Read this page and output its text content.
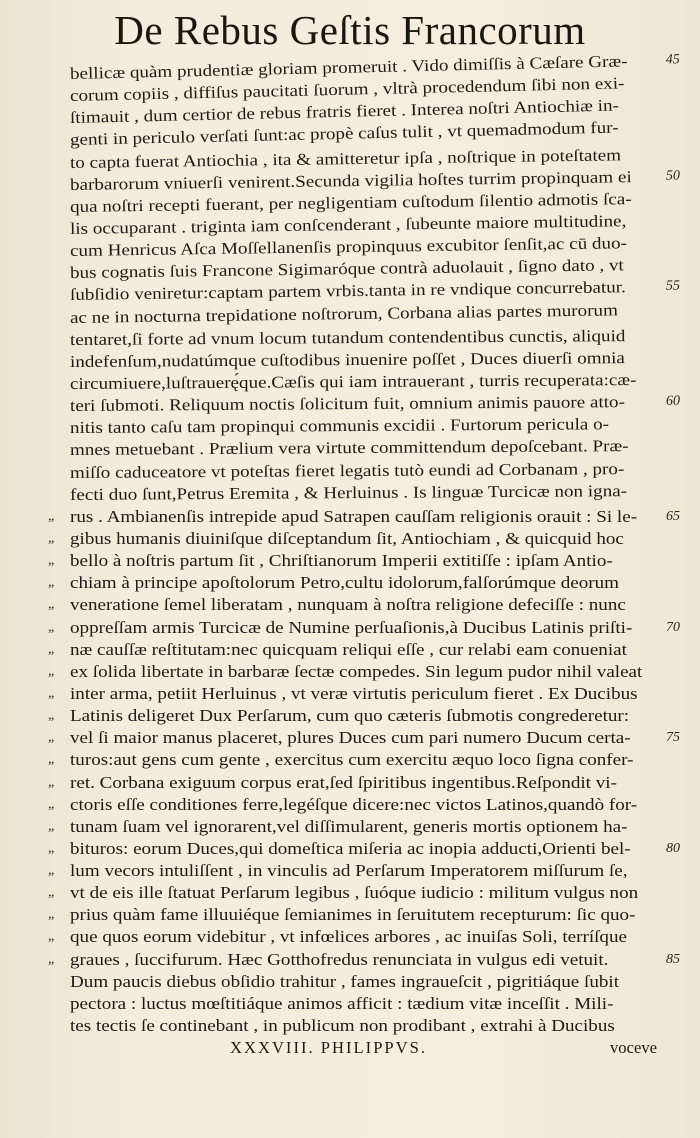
De Rebus Geſtis Francorum
bellicæ quàm prudentiæ gloriam promeruit . Vido dimiſſis à Cæſare Græ-	45
corum copiis , diffiſus paucitati ſuorum , vltrà procedendum ſibi non exi-
ſtimauit , dum certior de rebus fratris fieret . Interea noſtri Antiochiæ in-
genti in periculo verſati ſunt:ac propè caſus tulit , vt quemadmodum fur-
to capta fuerat Antiochia , ita & amitteretur ipſa , noſtrique in poteſtatem
barbarorum vniuerſi venirent.Secunda vigilia hoſtes turrim propinquam ei 50
qua noſtri recepti fuerant, per negligentiam cuſtodum ſilentio admotis ſca-
lis occuparant . triginta iam conſcenderant , ſubeunte maiore multitudine,
cum Henricus Aſca Moſſellanenſis propinquus excubitor ſenſit,ac cū duo-
bus cognatis ſuis Francone Sigimaróque contrà aduolauit , ſigno dato , vt
ſubſidio veniretur:captam partem vrbis.tanta in re vndique concurrebatur.	55
ac ne in nocturna trepidatione noſtrorum, Corbana alias partes murorum
tentaret,ſi forte ad vnum locum tutandum contendentibus cunctis, aliquid
indefenſum,nudatúmque cuſtodibus inuenire poſſet , Duces diuerſi omnia
circumiuere,luſtrauerę́que.Cæſis qui iam intrauerant , turris recuperata:cæ-
teri ſubmoti. Reliquum noctis ſolicitum fuit, omnium animis pauore atto-	60
nitis tanto caſu tam propinqui communis excidii . Furtorum pericula o-
mnes metuebant . Prælium vera virtute committendum depoſcebant. Præ-
miſſo caduceatore vt poteſtas fieret legatis tutò eundi ad Corbanam , pro-
fecti duo ſunt,Petrus Eremita , & Herluinus . Is linguæ Turcicæ non igna-
„ rus . Ambianenſis intrepide apud Satrapen cauſſam religionis orauit : Si le- 65
„ gibus humanis diuiniſque diſceptandum ſit, Antiochiam , & quicquid hoc
„ bello à noſtris partum ſit , Chriſtianorum Imperii extitiſſe : ipſam Antio-
„ chiam à principe apoſtolorum Petro,cultu idolorum,falſorúmque deorum
„ veneratione ſemel liberatam , nunquam à noſtra religione defeciſſe : nunc
„ oppreſſam armis Turcicæ de Numine perſuaſionis,à Ducibus Latinis priſti- 70
„ næ cauſſæ reſtitutam:nec quicquam reliqui eſſe , cur relabi eam conueniat
„ ex ſolida libertate in barbaræ ſectæ compedes. Sin legum pudor nihil valeat
„ inter arma, petiit Herluinus , vt veræ virtutis periculum fieret . Ex Ducibus
„ Latinis deligeret Dux Perſarum, cum quo cæteris ſubmotis congrederetur:
„ vel ſi maior manus placeret, plures Duces cum pari numero Ducum certa-	75
„ turos:aut gens cum gente , exercitus cum exercitu æquo loco ſigna confer-
„ ret. Corbana exiguum corpus erat,ſed ſpiritibus ingentibus.Reſpondit vi-
„ ctoris eſſe conditiones ferre,legéſque dicere:nec victos Latinos,quandò for-
„ tunam ſuam vel ignorarent,vel diſſimularent, generis mortis optionem ha-
„ bituros: eorum Duces,qui domeſtica miſeria ac inopia adducti,Orienti bel-	80
„ lum vecors intuliſſent , in vinculis ad Perſarum Imperatorem miſſurum ſe,
„ vt de eis ille ſtatuat Perſarum legibus , ſuóque iudicio : militum vulgus non
„ prius quàm fame illuuiéque ſemianimes in ſeruitutem recepturum: ſic quo-
„ que quos eorum videbitur , vt infœlices arbores , ac inuiſas Soli, terríſque
„ graues , ſuccifurum. Hæc Gotthofredus renunciata in vulgus edi vetuit.	85
Dum paucis diebus obſidio trahitur , fames ingraueſcit , pigritiáque ſubit
pectora : luctus mœſtitiáque animos afficit : tædium vitæ inceſſit . Mili-
tes tectis ſe continebant , in publicum non prodibant , extrahi à Ducibus
XXXVIII. PHILIPPVS.	voceve
